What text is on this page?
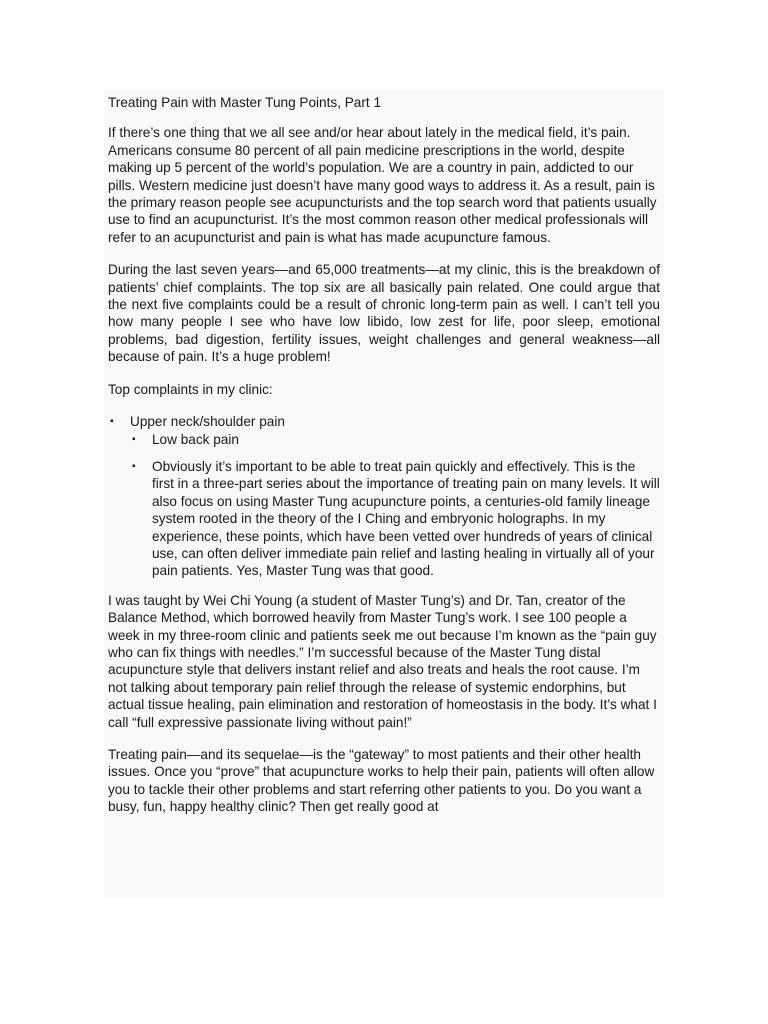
Treating Pain with Master Tung Points, Part 1

If there’s one thing that we all see and/or hear about lately in the medical field, it’s pain. Americans consume 80 percent of all pain medicine prescriptions in the world, despite making up 5 percent of the world’s population. We are a country in pain, addicted to our pills. Western medicine just doesn’t have many good ways to address it. As a result, pain is the primary reason people see acupuncturists and the top search word that patients usually use to find an acupuncturist. It’s the most common reason other medical professionals will refer to an acupuncturist and pain is what has made acupuncture famous.

During the last seven years—and 65,000 treatments—at my clinic, this is the breakdown of patients’ chief complaints. The top six are all basically pain related. One could argue that the next five complaints could be a result of chronic long-term pain as well. I can’t tell you how many people I see who have low libido, low zest for life, poor sleep, emotional problems, bad digestion, fertility issues, weight challenges and general weakness—all because of pain. It’s a huge problem!

Top complaints in my clinic:

▪ Upper neck/shoulder pain
▪ Low back pain
▪ Obviously it’s important to be able to treat pain quickly and effectively. This is the first in a three-part series about the importance of treating pain on many levels. It will also focus on using Master Tung acupuncture points, a centuries-old family lineage system rooted in the theory of the I Ching and embryonic holographs. In my experience, these points, which have been vetted over hundreds of years of clinical use, can often deliver immediate pain relief and lasting healing in virtually all of your pain patients. Yes, Master Tung was that good.

I was taught by Wei Chi Young (a student of Master Tung’s) and Dr. Tan, creator of the Balance Method, which borrowed heavily from Master Tung’s work. I see 100 people a week in my three-room clinic and patients seek me out because I’m known as the “pain guy who can fix things with needles.” I’m successful because of the Master Tung distal acupuncture style that delivers instant relief and also treats and heals the root cause. I’m not talking about temporary pain relief through the release of systemic endorphins, but actual tissue healing, pain elimination and restoration of homeostasis in the body. It’s what I call “full expressive passionate living without pain!”

Treating pain—and its sequelae—is the “gateway” to most patients and their other health issues. Once you “prove” that acupuncture works to help their pain, patients will often allow you to tackle their other problems and start referring other patients to you. Do you want a busy, fun, happy healthy clinic? Then get really good at
